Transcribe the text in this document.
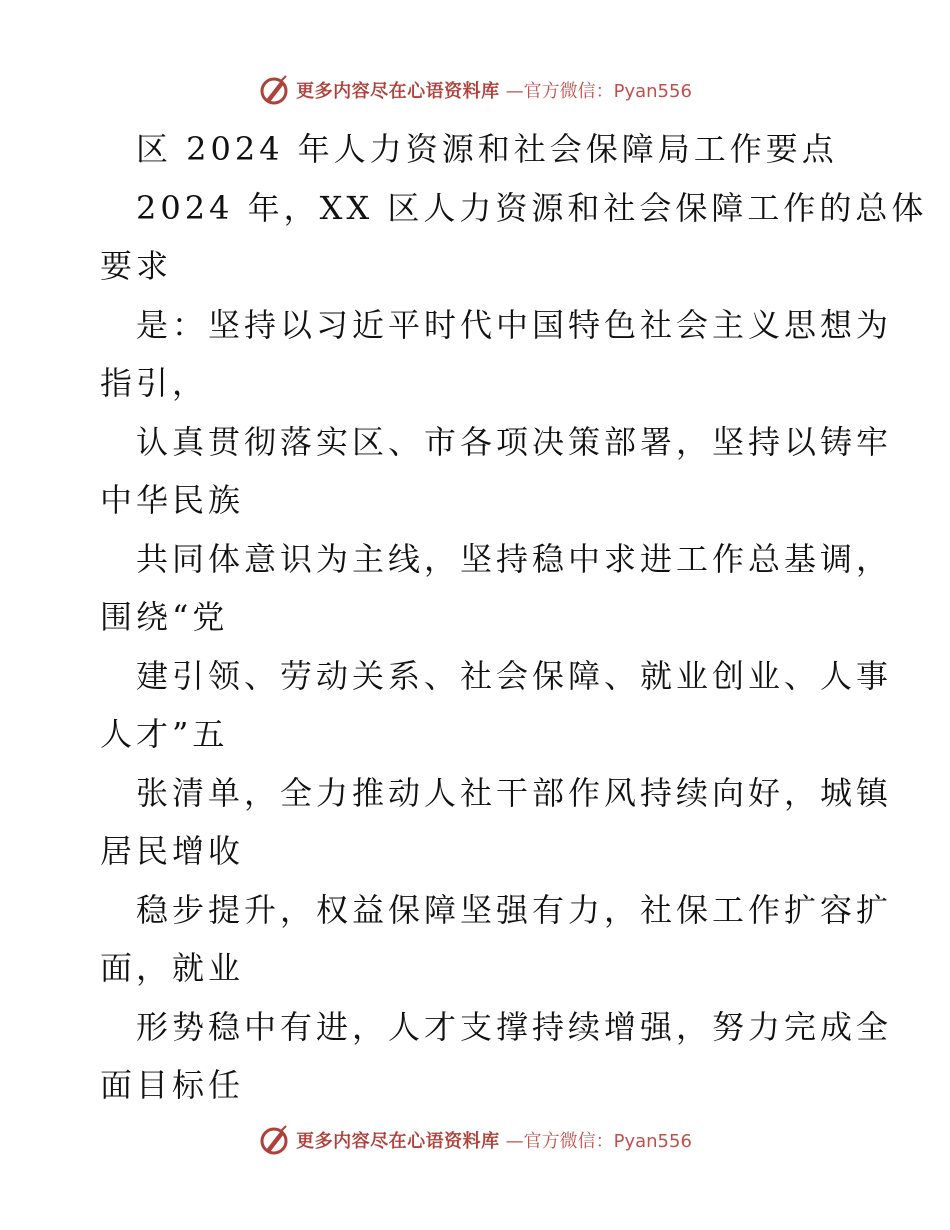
更多内容尽在心语资料库 —官方微信：Pyan556
区 2024 年人力资源和社会保障局工作要点
2024 年，XX 区人力资源和社会保障工作的总体
要求
是：坚持以习近平时代中国特色社会主义思想为
指引，
认真贯彻落实区、市各项决策部署，坚持以铸牢
中华民族
共同体意识为主线，坚持稳中求进工作总基调，
围绕“党
建引领、劳动关系、社会保障、就业创业、人事
人才”五
张清单，全力推动人社干部作风持续向好，城镇
居民增收
稳步提升，权益保障坚强有力，社保工作扩容扩
面，就业
形势稳中有进，人才支撑持续增强，努力完成全
面目标任
更多内容尽在心语资料库 —官方微信：Pyan556
